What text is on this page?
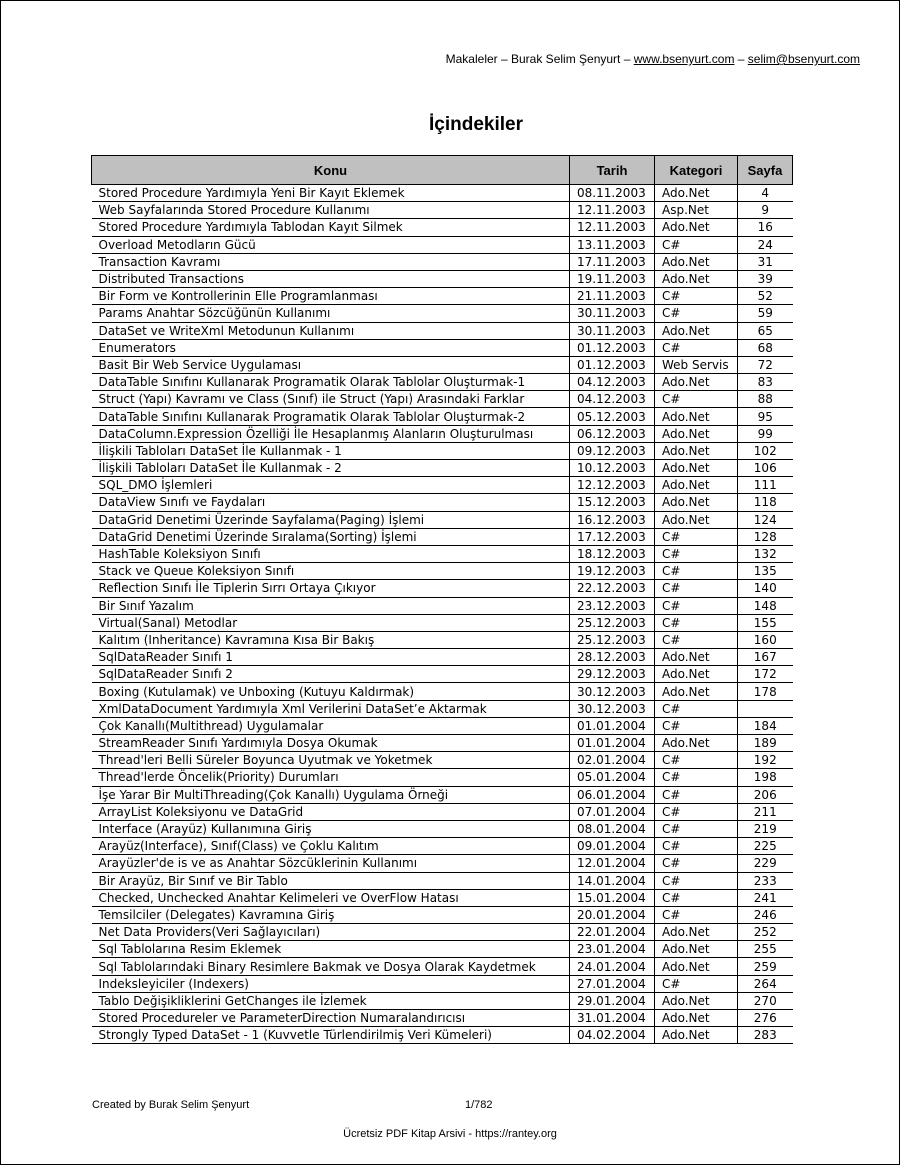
Makaleler – Burak Selim Şenyurt – www.bsenyurt.com – selim@bsenyurt.com
İçindekiler
Konu	Tarih	Kategori	Sayfa
Stored Procedure Yardımıyla Yeni Bir Kayıt Eklemek	08.11.2003	Ado.Net	4
Web Sayfalarında Stored Procedure Kullanımı	12.11.2003	Asp.Net	9
Stored Procedure Yardımıyla Tablodan Kayıt Silmek	12.11.2003	Ado.Net	16
Overload Metodların Gücü	13.11.2003	C#	24
Transaction Kavramı	17.11.2003	Ado.Net	31
Distributed Transactions	19.11.2003	Ado.Net	39
Bir Form ve Kontrollerinin Elle Programlanması	21.11.2003	C#	52
Params Anahtar Sözcüğünün Kullanımı	30.11.2003	C#	59
DataSet ve WriteXml Metodunun Kullanımı	30.11.2003	Ado.Net	65
Enumerators	01.12.2003	C#	68
Basit Bir Web Service Uygulaması	01.12.2003	Web Servis	72
DataTable Sınıfını Kullanarak Programatik Olarak Tablolar Oluşturmak-1	04.12.2003	Ado.Net	83
Struct (Yapı) Kavramı ve Class (Sınıf) ile Struct (Yapı) Arasındaki Farklar	04.12.2003	C#	88
DataTable Sınıfını Kullanarak Programatik Olarak Tablolar Oluşturmak-2	05.12.2003	Ado.Net	95
DataColumn.Expression Özelliği İle Hesaplanmış Alanların Oluşturulması	06.12.2003	Ado.Net	99
İlişkili Tabloları DataSet İle Kullanmak - 1	09.12.2003	Ado.Net	102
İlişkili Tabloları DataSet İle Kullanmak - 2	10.12.2003	Ado.Net	106
SQL_DMO İşlemleri	12.12.2003	Ado.Net	111
DataView Sınıfı ve Faydaları	15.12.2003	Ado.Net	118
DataGrid Denetimi Üzerinde Sayfalama(Paging) İşlemi	16.12.2003	Ado.Net	124
DataGrid Denetimi Üzerinde Sıralama(Sorting) İşlemi	17.12.2003	C#	128
HashTable Koleksiyon Sınıfı	18.12.2003	C#	132
Stack ve Queue Koleksiyon Sınıfı	19.12.2003	C#	135
Reflection Sınıfı İle Tiplerin Sırrı Ortaya Çıkıyor	22.12.2003	C#	140
Bir Sınıf Yazalım	23.12.2003	C#	148
Virtual(Sanal) Metodlar	25.12.2003	C#	155
Kalıtım (Inheritance) Kavramına Kısa Bir Bakış	25.12.2003	C#	160
SqlDataReader Sınıfı 1	28.12.2003	Ado.Net	167
SqlDataReader Sınıfı 2	29.12.2003	Ado.Net	172
Boxing (Kutulamak) ve Unboxing (Kutuyu Kaldırmak)	30.12.2003	Ado.Net	178
XmlDataDocument Yardımıyla Xml Verilerini DataSet’e Aktarmak	30.12.2003	C#	
Çok Kanallı(Multithread) Uygulamalar	01.01.2004	C#	184
StreamReader Sınıfı Yardımıyla Dosya Okumak	01.01.2004	Ado.Net	189
Thread'leri Belli Süreler Boyunca Uyutmak ve Yoketmek	02.01.2004	C#	192
Thread'lerde Öncelik(Priority) Durumları	05.01.2004	C#	198
İşe Yarar Bir MultiThreading(Çok Kanallı) Uygulama Örneği	06.01.2004	C#	206
ArrayList Koleksiyonu ve DataGrid	07.01.2004	C#	211
Interface (Arayüz) Kullanımına Giriş	08.01.2004	C#	219
Arayüz(Interface), Sınıf(Class) ve Çoklu Kalıtım	09.01.2004	C#	225
Arayüzler'de is ve as Anahtar Sözcüklerinin Kullanımı	12.01.2004	C#	229
Bir Arayüz, Bir Sınıf ve Bir Tablo	14.01.2004	C#	233
Checked, Unchecked Anahtar Kelimeleri ve OverFlow Hatası	15.01.2004	C#	241
Temsilciler (Delegates) Kavramına Giriş	20.01.2004	C#	246
Net Data Providers(Veri Sağlayıcıları)	22.01.2004	Ado.Net	252
Sql Tablolarına Resim Eklemek	23.01.2004	Ado.Net	255
Sql Tablolarındaki Binary Resimlere Bakmak ve Dosya Olarak Kaydetmek	24.01.2004	Ado.Net	259
Indeksleyiciler (Indexers)	27.01.2004	C#	264
Tablo Değişikliklerini GetChanges ile İzlemek	29.01.2004	Ado.Net	270
Stored Procedureler ve ParameterDirection Numaralandırıcısı	31.01.2004	Ado.Net	276
Strongly Typed DataSet - 1 (Kuvvetle Türlendirilmiş Veri Kümeleri)	04.02.2004	Ado.Net	283
Created by Burak Selim Şenyurt	1/782
Ücretsiz PDF Kitap Arsivi - https://rantey.org
